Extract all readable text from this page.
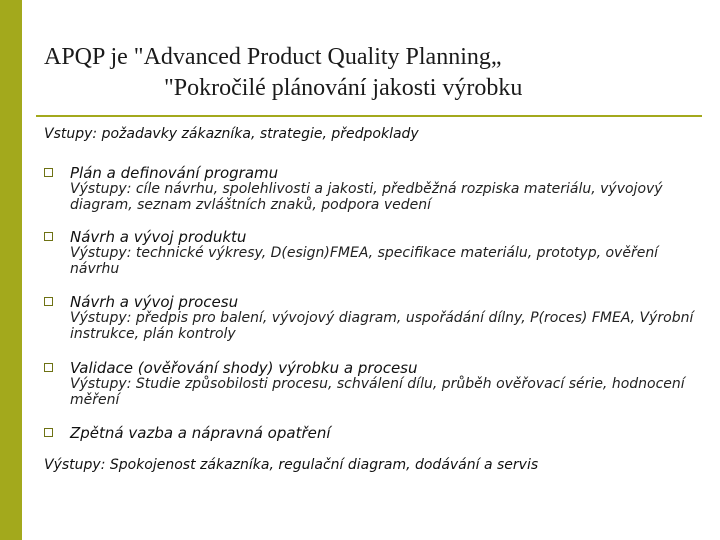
APQP je "Advanced Product Quality Planning„
"Pokročilé plánování jakosti výrobku
Vstupy: požadavky zákazníka, strategie, předpoklady
Plán a definování programu
Výstupy: cíle návrhu, spolehlivosti a jakosti, předběžná rozpiska materiálu, vývojový diagram, seznam zvláštních znaků, podpora vedení
Návrh a vývoj produktu
Výstupy: technické výkresy, D(esign)FMEA, specifikace materiálu, prototyp, ověření návrhu
Návrh a vývoj procesu
Výstupy: předpis pro balení, vývojový diagram, uspořádání dílny, P(roces) FMEA, Výrobní instrukce, plán kontroly
Validace (ověřování shody) výrobku a procesu
Výstupy: Studie způsobilosti procesu, schválení dílu, průběh ověřovací série, hodnocení měření
Zpětná vazba a nápravná opatření
Výstupy: Spokojenost zákazníka, regulační diagram, dodávání a servis
